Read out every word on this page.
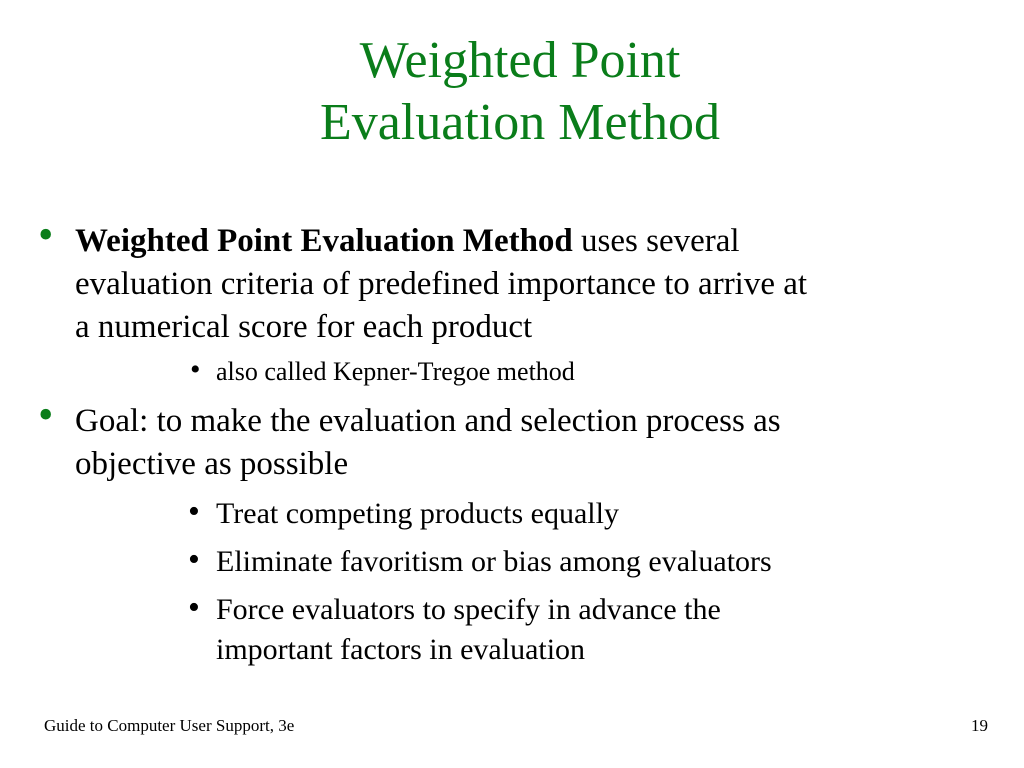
Weighted Point
Evaluation Method
• Weighted Point Evaluation Method uses several
evaluation criteria of predefined importance to arrive at
a numerical score for each product
• also called Kepner-Tregoe method
• Goal: to make the evaluation and selection process as
objective as possible
• Treat competing products equally
• Eliminate favoritism or bias among evaluators
• Force evaluators to specify in advance the
important factors in evaluation
Guide to Computer User Support, 3e	19
